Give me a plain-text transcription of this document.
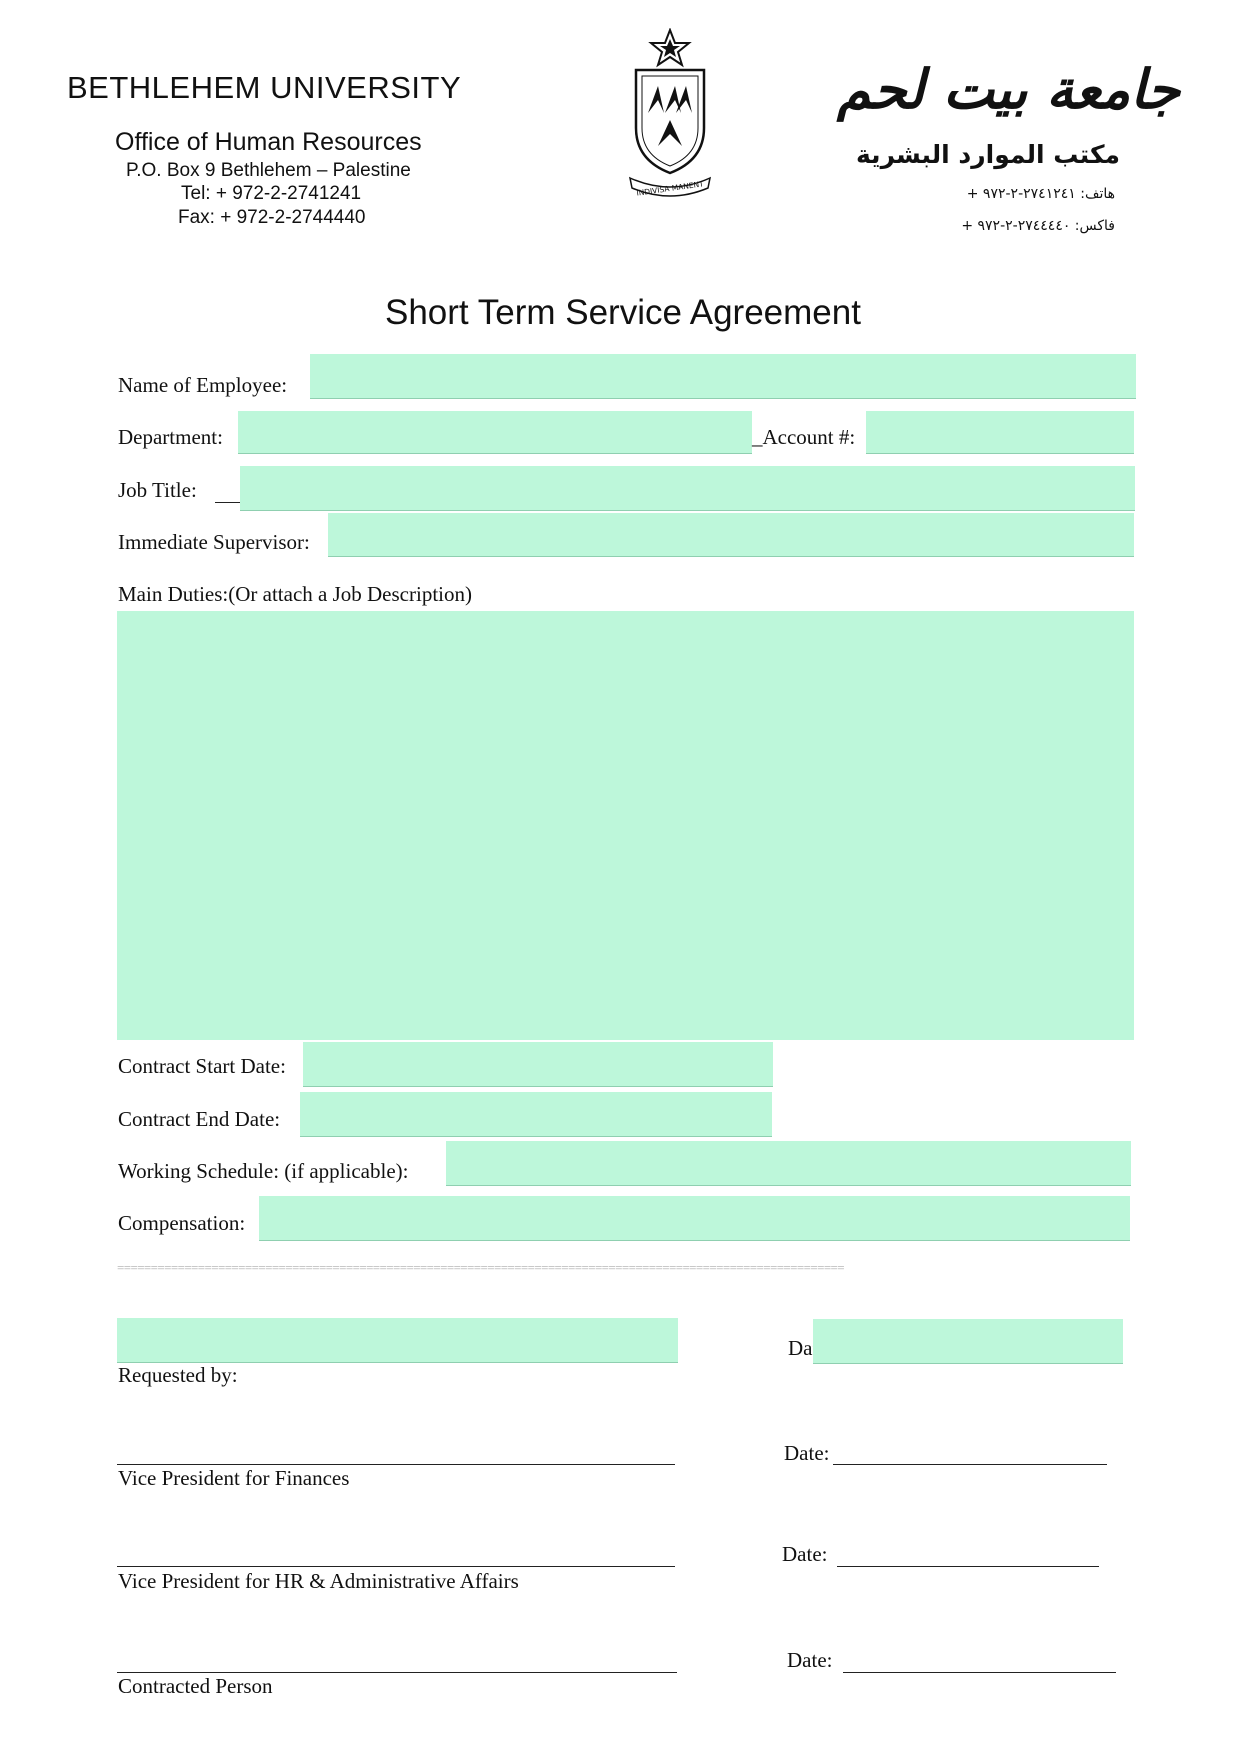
BETHLEHEM UNIVERSITY
Office of Human Resources
P.O. Box 9 Bethlehem – Palestine
Tel: + 972-2-2741241
Fax: + 972-2-2744440
INDIVISA MANENT
جامعة بيت لحم
مكتب الموارد البشرية
هاتف: ٢٧٤١٢٤١-٢-٩٧٢ +
فاكس: ٢٧٤٤٤٤٠-٢-٩٧٢ +
Short Term Service Agreement
Name of Employee:
Department:	_Account #:
Job Title:
Immediate Supervisor:
Main Duties:(Or attach a Job Description)
Contract Start Date:
Contract End Date:
Working Schedule: (if applicable):
Compensation:
============================================================================================================
Requested by:
Da
Vice President for Finances
Date:
Vice President for HR & Administrative Affairs
Date:
Contracted Person
Date:
